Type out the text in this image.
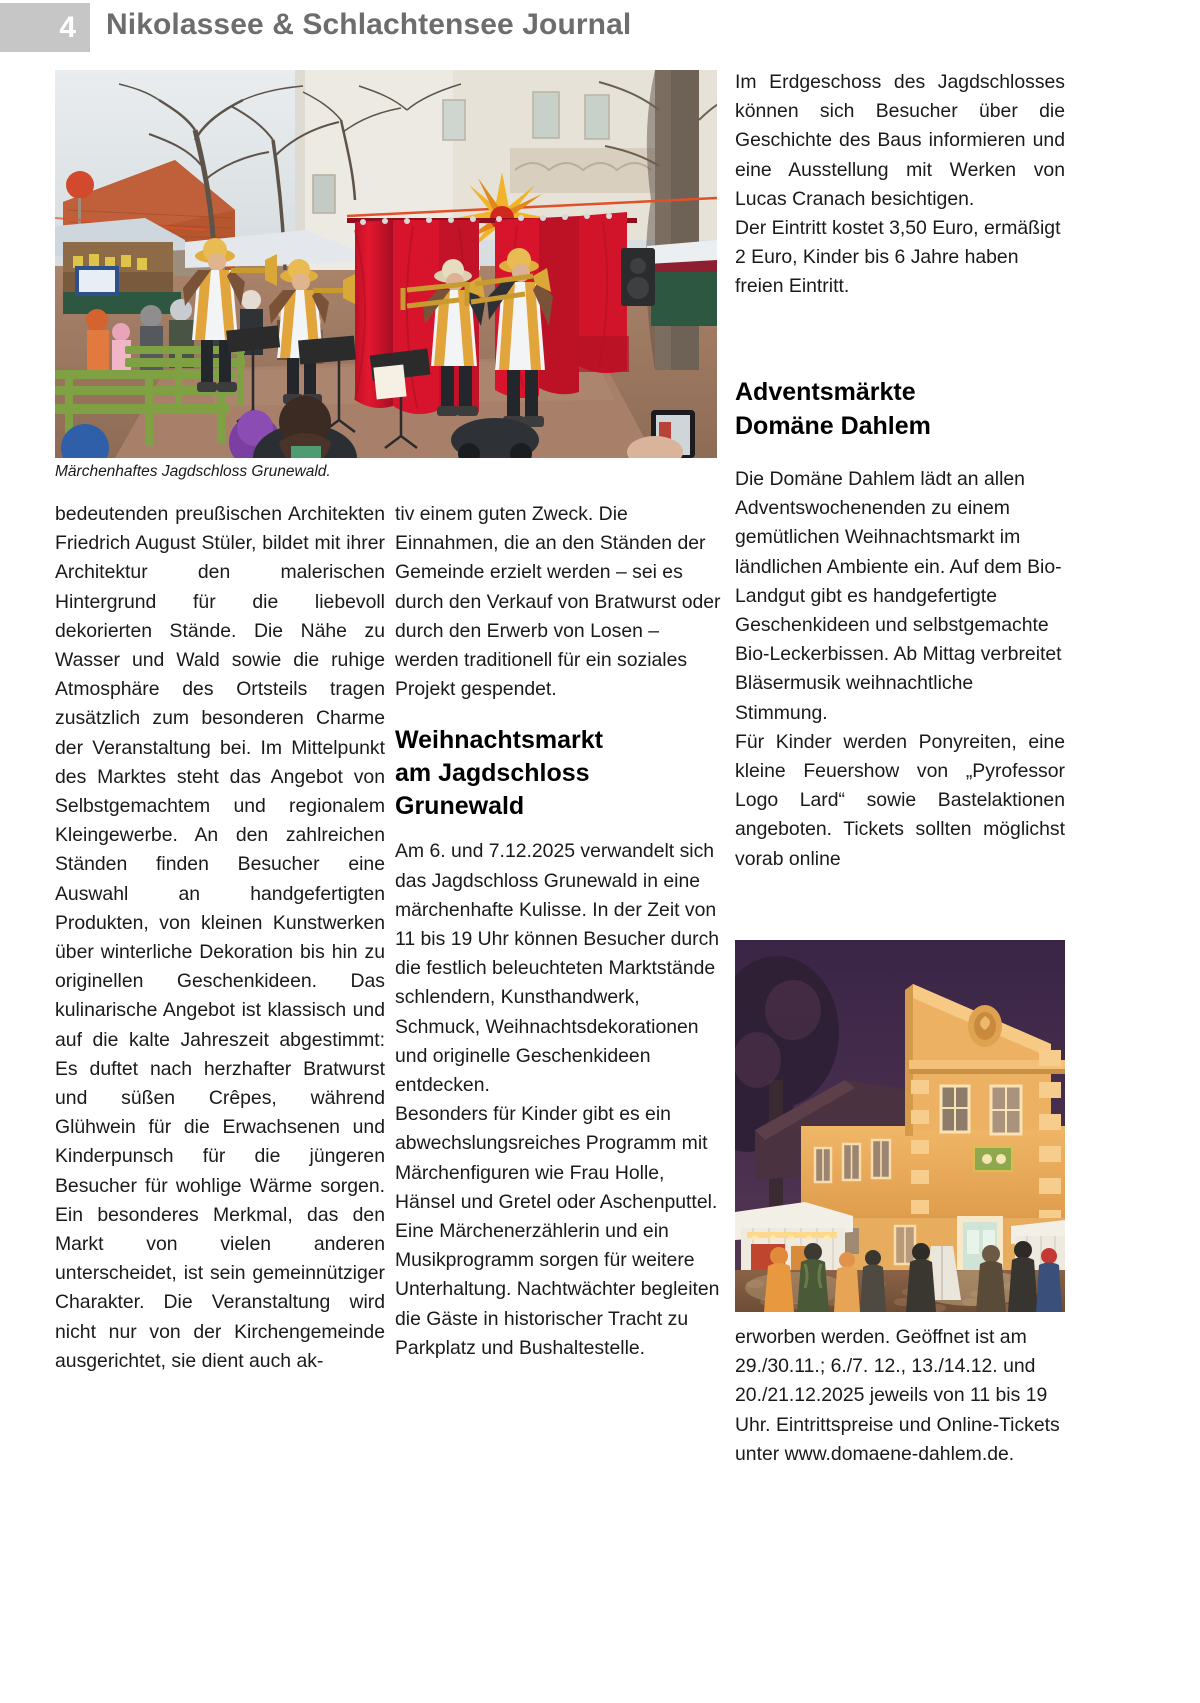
4 Nikolassee & Schlachtensee Journal
Märchenhaftes Jagdschloss Grunewald.

Im Erdgeschoss des Jagdschlosses können sich Besucher über die Geschichte des Baus informieren und eine Ausstellung mit Werken von Lucas Cranach besichtigen.

Der Eintritt kostet 3,50 Euro, ermäßigt 2 Euro, Kinder bis 6 Jahre haben freien Eintritt.

Adventsmärkte
Domäne Dahlem

bedeutenden preußischen Architekten Friedrich August Stüler, bildet mit ihrer Architektur den malerischen Hintergrund für die liebevoll dekorierten Stände. Die Nähe zu Wasser und Wald sowie die ruhige Atmosphäre des Ortsteils tragen zusätzlich zum besonderen Charme der Veranstaltung bei. Im Mittelpunkt des Marktes steht das Angebot von Selbstgemachtem und regionalem Kleingewerbe. An den zahlreichen Ständen finden Besucher eine Auswahl an handgefertigten Produkten, von kleinen Kunstwerken über winterliche Dekoration bis hin zu originellen Geschenkideen. Das kulinarische Angebot ist klassisch und auf die kalte Jahreszeit abgestimmt: Es duftet nach herzhafter Bratwurst und süßen Crêpes, während Glühwein für die Erwachsenen und Kinderpunsch für die jüngeren Besucher für wohlige Wärme sorgen. Ein besonderes Merkmal, das den Markt von vielen anderen unterscheidet, ist sein gemeinnütziger Charakter. Die Veranstaltung wird nicht nur von der Kirchengemeinde ausgerichtet, sie dient auch ak-

tiv einem guten Zweck. Die Einnahmen, die an den Ständen der Gemeinde erzielt werden – sei es durch den Verkauf von Bratwurst oder durch den Erwerb von Losen – werden traditionell für ein soziales Projekt gespendet.

Weihnachtsmarkt
am Jagdschloss
Grunewald

Am 6. und 7.12.2025 verwandelt sich das Jagdschloss Grunewald in eine märchenhafte Kulisse. In der Zeit von 11 bis 19 Uhr können Besucher durch die festlich beleuchteten Marktstände schlendern, Kunsthandwerk, Schmuck, Weihnachtsdekorationen und originelle Geschenkideen entdecken.

Besonders für Kinder gibt es ein abwechslungsreiches Programm mit Märchenfiguren wie Frau Holle, Hänsel und Gretel oder Aschenputtel. Eine Märchenerzählerin und ein Musikprogramm sorgen für weitere Unterhaltung. Nachtwächter begleiten die Gäste in historischer Tracht zu Parkplatz und Bushaltestelle.

Die Domäne Dahlem lädt an allen Adventswochenenden zu einem gemütlichen Weihnachtsmarkt im ländlichen Ambiente ein. Auf dem Bio-Landgut gibt es handgefertigte Geschenkideen und selbstgemachte Bio-Leckerbissen. Ab Mittag verbreitet Bläsermusik weihnachtliche Stimmung.

Für Kinder werden Ponyreiten, eine kleine Feuershow von „Pyrofessor Logo Lard“ sowie Bastelaktionen angeboten. Tickets sollten möglichst vorab online

erworben werden. Geöffnet ist am 29./30.11.; 6./7. 12., 13./14.12. und 20./21.12.2025 jeweils von 11 bis 19 Uhr. Eintrittspreise und Online-Tickets unter www.domaene-dahlem.de.
